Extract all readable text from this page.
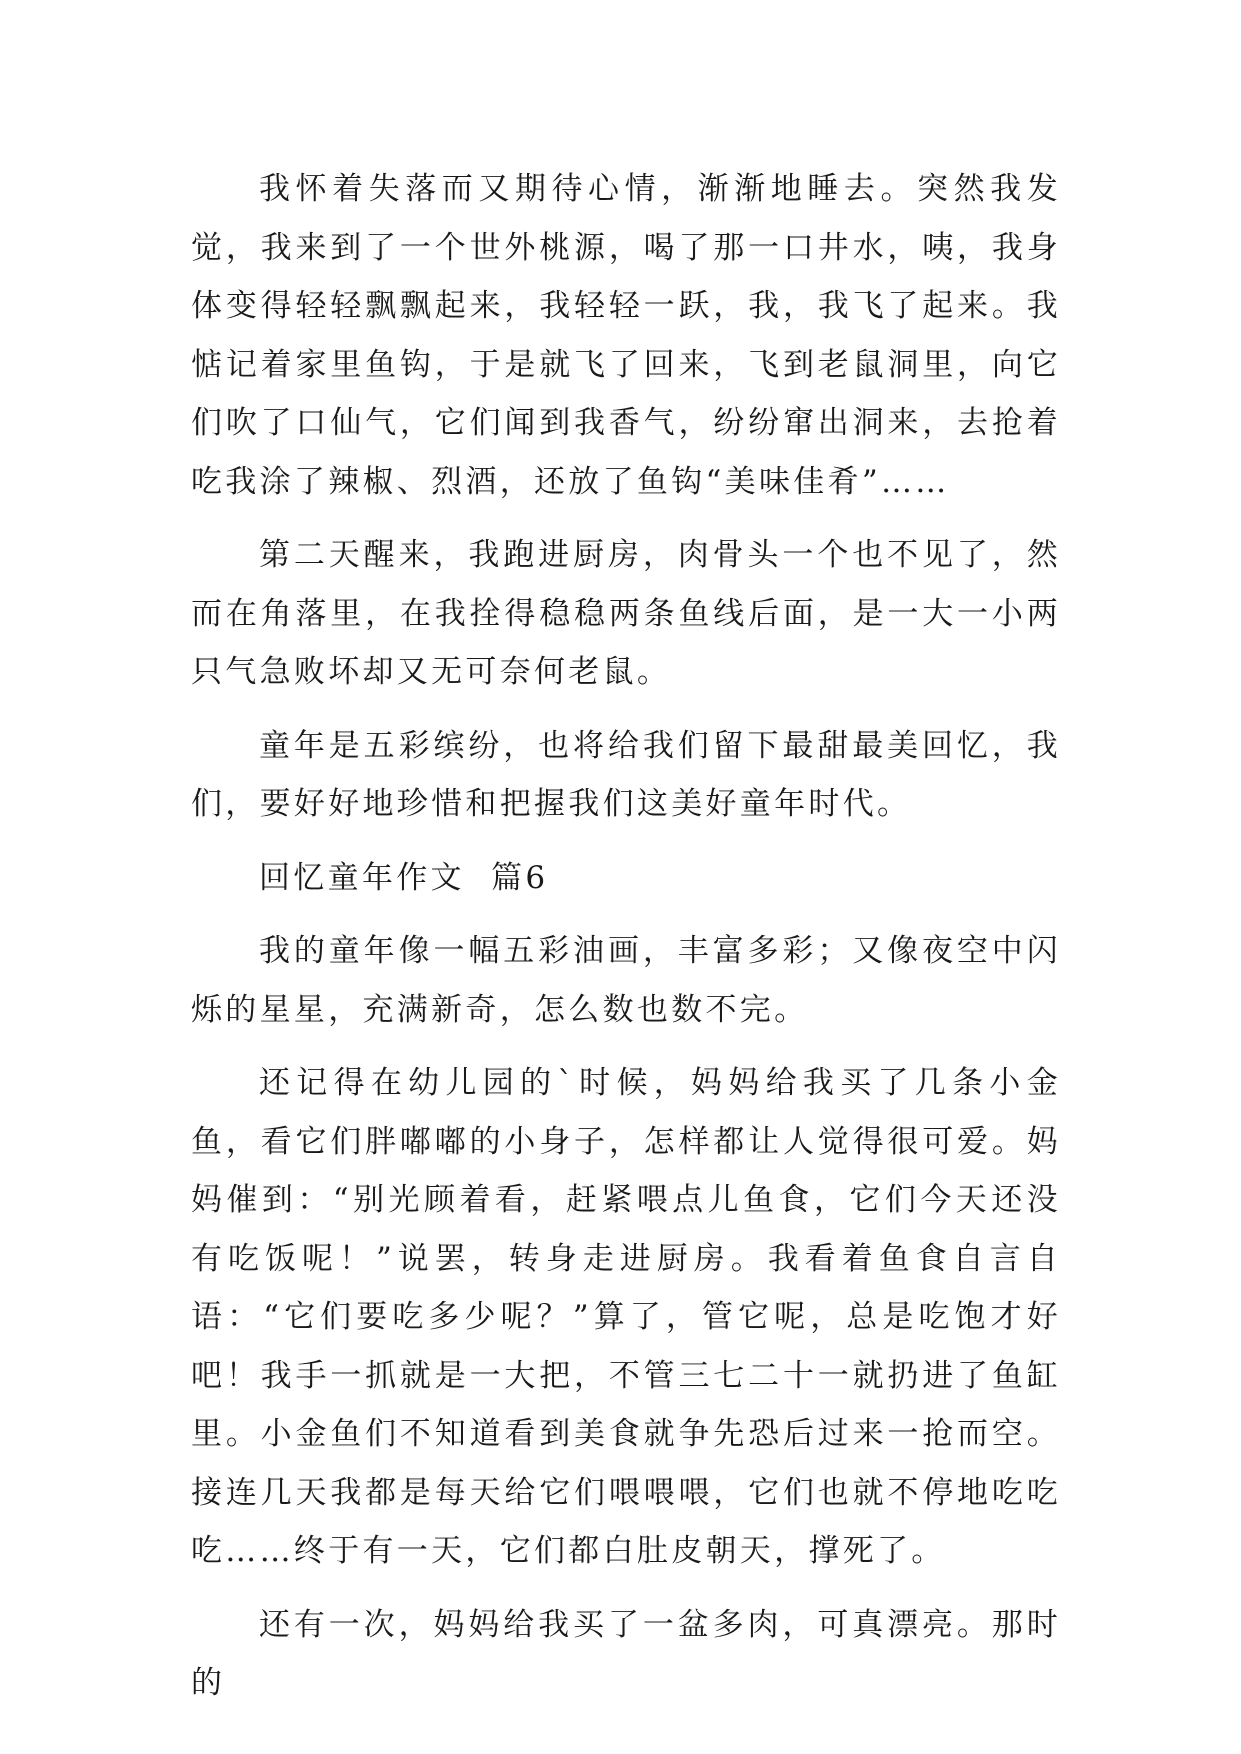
我怀着失落而又期待心情，渐渐地睡去。突然我发觉，我来到了一个世外桃源，喝了那一口井水，咦，我身体变得轻轻飘飘起来，我轻轻一跃，我，我飞了起来。我惦记着家里鱼钩，于是就飞了回来，飞到老鼠洞里，向它们吹了口仙气，它们闻到我香气，纷纷窜出洞来，去抢着吃我涂了辣椒、烈酒，还放了鱼钩“美味佳肴”……

第二天醒来，我跑进厨房，肉骨头一个也不见了，然而在角落里，在我拴得稳稳两条鱼线后面，是一大一小两只气急败坏却又无可奈何老鼠。

童年是五彩缤纷，也将给我们留下最甜最美回忆，我们，要好好地珍惜和把握我们这美好童年时代。

回忆童年作文  篇6

我的童年像一幅五彩油画，丰富多彩；又像夜空中闪烁的星星，充满新奇，怎么数也数不完。

还记得在幼儿园的`时候，妈妈给我买了几条小金鱼，看它们胖嘟嘟的小身子，怎样都让人觉得很可爱。妈妈催到：“别光顾着看，赶紧喂点儿鱼食，它们今天还没有吃饭呢！”说罢，转身走进厨房。我看着鱼食自言自语：“它们要吃多少呢？”算了，管它呢，总是吃饱才好吧！我手一抓就是一大把，不管三七二十一就扔进了鱼缸里。小金鱼们不知道看到美食就争先恐后过来一抢而空。接连几天我都是每天给它们喂喂喂，它们也就不停地吃吃吃……终于有一天，它们都白肚皮朝天，撑死了。

还有一次，妈妈给我买了一盆多肉，可真漂亮。那时的
